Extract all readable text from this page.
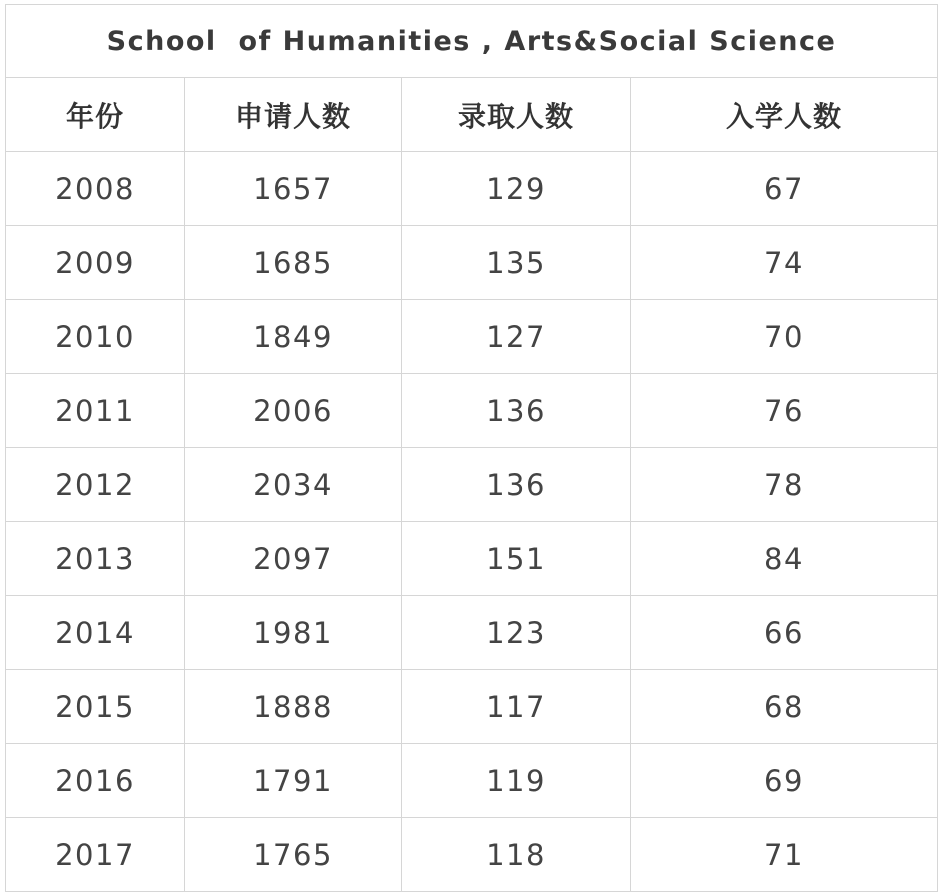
School  of Humanities , Arts&Social Science			
年份	申请人数	录取人数	入学人数
2008	1657	129	67
2009	1685	135	74
2010	1849	127	70
2011	2006	136	76
2012	2034	136	78
2013	2097	151	84
2014	1981	123	66
2015	1888	117	68
2016	1791	119	69
2017	1765	118	71
